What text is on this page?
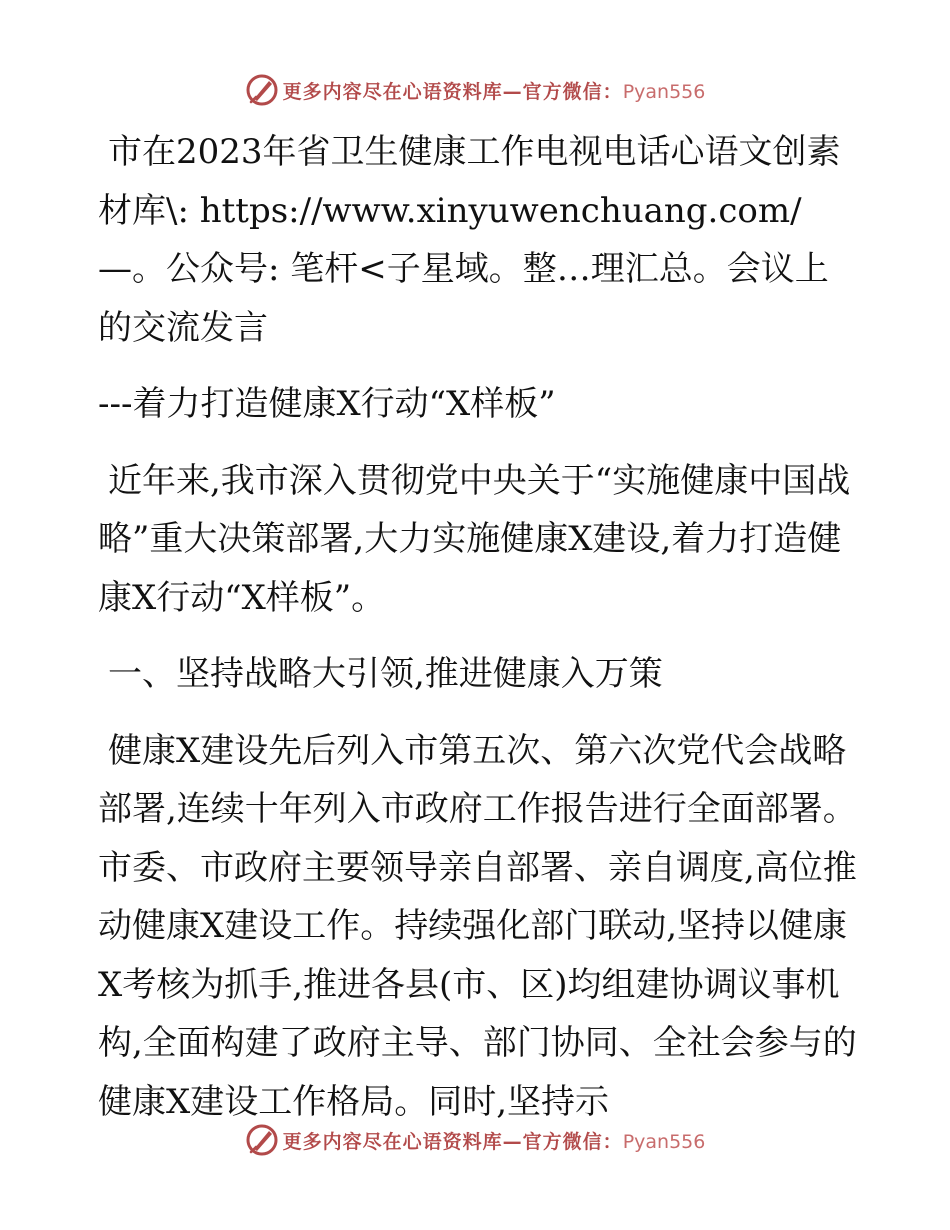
更多内容尽在心语资料库—官方微信：Pyan556

市在2023年省卫生健康工作电视电话心语文创素材库\: https://www.xinyuwenchuang.com/—。公众号: 笔杆<子星域。整…理汇总。会议上的交流发言

---着力打造健康X行动“X样板”

近年来,我市深入贯彻党中央关于“实施健康中国战略”重大决策部署,大力实施健康X建设,着力打造健康X行动“X样板”。

一、坚持战略大引领,推进健康入万策

健康X建设先后列入市第五次、第六次党代会战略部署,连续十年列入市政府工作报告进行全面部署。市委、市政府主要领导亲自部署、亲自调度,高位推动健康X建设工作。持续强化部门联动,坚持以健康X考核为抓手,推进各县(市、区)均组建协调议事机构,全面构建了政府主导、部门协同、全社会参与的健康X建设工作格局。同时,坚持示

更多内容尽在心语资料库—官方微信：Pyan556
